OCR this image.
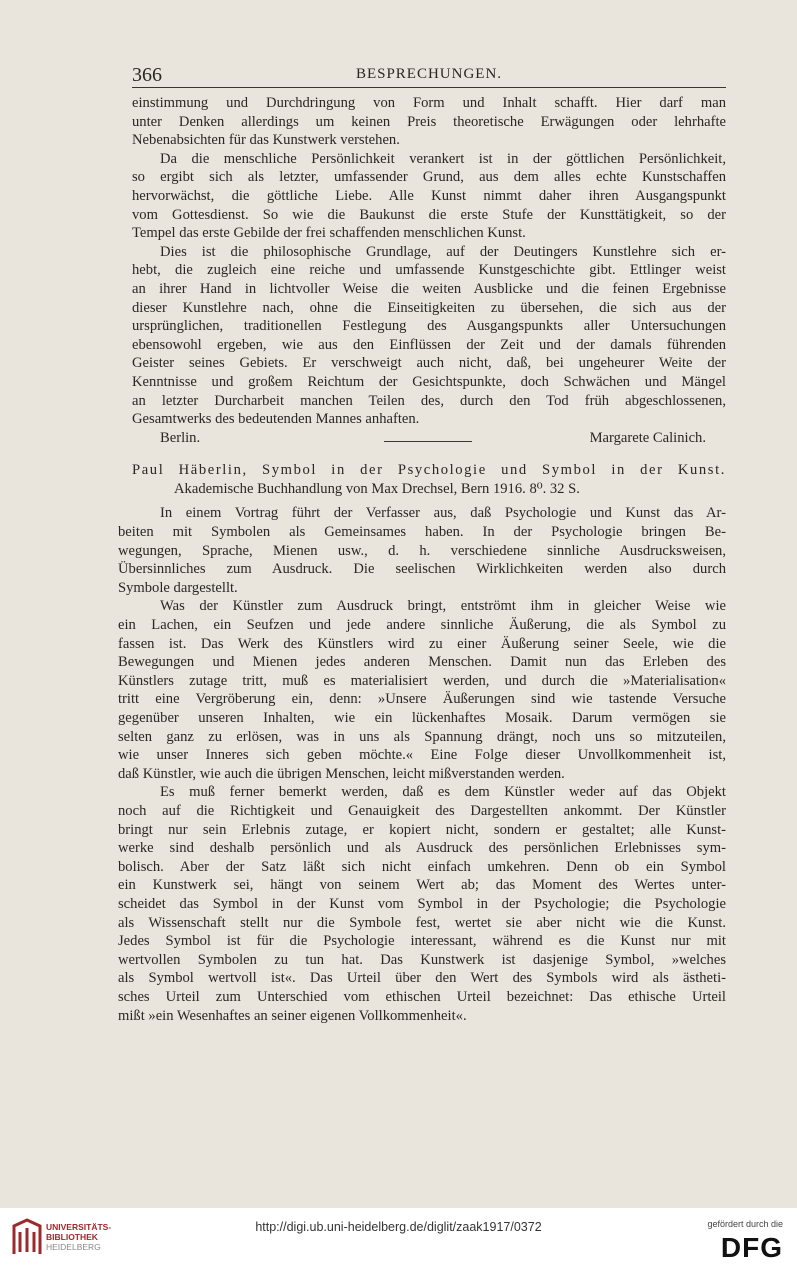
366	BESPRECHUNGEN.
einstimmung und Durchdringung von Form und Inhalt schafft. Hier darf man
unter Denken allerdings um keinen Preis theoretische Erwägungen oder lehrhafte
Nebenabsichten für das Kunstwerk verstehen.
Da die menschliche Persönlichkeit verankert ist in der göttlichen Persönlichkeit,
so ergibt sich als letzter, umfassender Grund, aus dem alles echte Kunstschaffen
hervorwächst, die göttliche Liebe. Alle Kunst nimmt daher ihren Ausgangspunkt
vom Gottesdienst. So wie die Baukunst die erste Stufe der Kunsttätigkeit, so der
Tempel das erste Gebilde der frei schaffenden menschlichen Kunst.
Dies ist die philosophische Grundlage, auf der Deutingers Kunstlehre sich er-
hebt, die zugleich eine reiche und umfassende Kunstgeschichte gibt. Ettlinger weist
an ihrer Hand in lichtvoller Weise die weiten Ausblicke und die feinen Ergebnisse
dieser Kunstlehre nach, ohne die Einseitigkeiten zu übersehen, die sich aus der
ursprünglichen, traditionellen Festlegung des Ausgangspunkts aller Untersuchungen
ebensowohl ergeben, wie aus den Einflüssen der Zeit und der damals führenden
Geister seines Gebiets. Er verschweigt auch nicht, daß, bei ungeheurer Weite der
Kenntnisse und großem Reichtum der Gesichtspunkte, doch Schwächen und Mängel
an letzter Durcharbeit manchen Teilen des, durch den Tod früh abgeschlossenen,
Gesamtwerks des bedeutenden Mannes anhaften.
Berlin.	Margarete Calinich.
Paul Häberlin, Symbol in der Psychologie und Symbol in der Kunst.
Akademische Buchhandlung von Max Drechsel, Bern 1916. 8⁰. 32 S.
In einem Vortrag führt der Verfasser aus, daß Psychologie und Kunst das Ar-
beiten mit Symbolen als Gemeinsames haben. In der Psychologie bringen Be-
wegungen, Sprache, Mienen usw., d. h. verschiedene sinnliche Ausdrucksweisen,
Übersinnliches zum Ausdruck. Die seelischen Wirklichkeiten werden also durch
Symbole dargestellt.
Was der Künstler zum Ausdruck bringt, entströmt ihm in gleicher Weise wie
ein Lachen, ein Seufzen und jede andere sinnliche Äußerung, die als Symbol zu
fassen ist. Das Werk des Künstlers wird zu einer Äußerung seiner Seele, wie die
Bewegungen und Mienen jedes anderen Menschen. Damit nun das Erleben des
Künstlers zutage tritt, muß es materialisiert werden, und durch die »Materialisation«
tritt eine Vergröberung ein, denn: »Unsere Äußerungen sind wie tastende Versuche
gegenüber unseren Inhalten, wie ein lückenhaftes Mosaik. Darum vermögen sie
selten ganz zu erlösen, was in uns als Spannung drängt, noch uns so mitzuteilen,
wie unser Inneres sich geben möchte.« Eine Folge dieser Unvollkommenheit ist,
daß Künstler, wie auch die übrigen Menschen, leicht mißverstanden werden.
Es muß ferner bemerkt werden, daß es dem Künstler weder auf das Objekt
noch auf die Richtigkeit und Genauigkeit des Dargestellten ankommt. Der Künstler
bringt nur sein Erlebnis zutage, er kopiert nicht, sondern er gestaltet; alle Kunst-
werke sind deshalb persönlich und als Ausdruck des persönlichen Erlebnisses sym-
bolisch. Aber der Satz läßt sich nicht einfach umkehren. Denn ob ein Symbol
ein Kunstwerk sei, hängt von seinem Wert ab; das Moment des Wertes unter-
scheidet das Symbol in der Kunst vom Symbol in der Psychologie; die Psychologie
als Wissenschaft stellt nur die Symbole fest, wertet sie aber nicht wie die Kunst.
Jedes Symbol ist für die Psychologie interessant, während es die Kunst nur mit
wertvollen Symbolen zu tun hat. Das Kunstwerk ist dasjenige Symbol, »welches
als Symbol wertvoll ist«. Das Urteil über den Wert des Symbols wird als ästheti-
sches Urteil zum Unterschied vom ethischen Urteil bezeichnet: Das ethische Urteil
mißt »ein Wesenhaftes an seiner eigenen Vollkommenheit«.
UNIVERSITÄTS-
BIBLIOTHEK
HEIDELBERG
http://digi.ub.uni-heidelberg.de/diglit/zaak1917/0372	gefördert durch die
DFG
